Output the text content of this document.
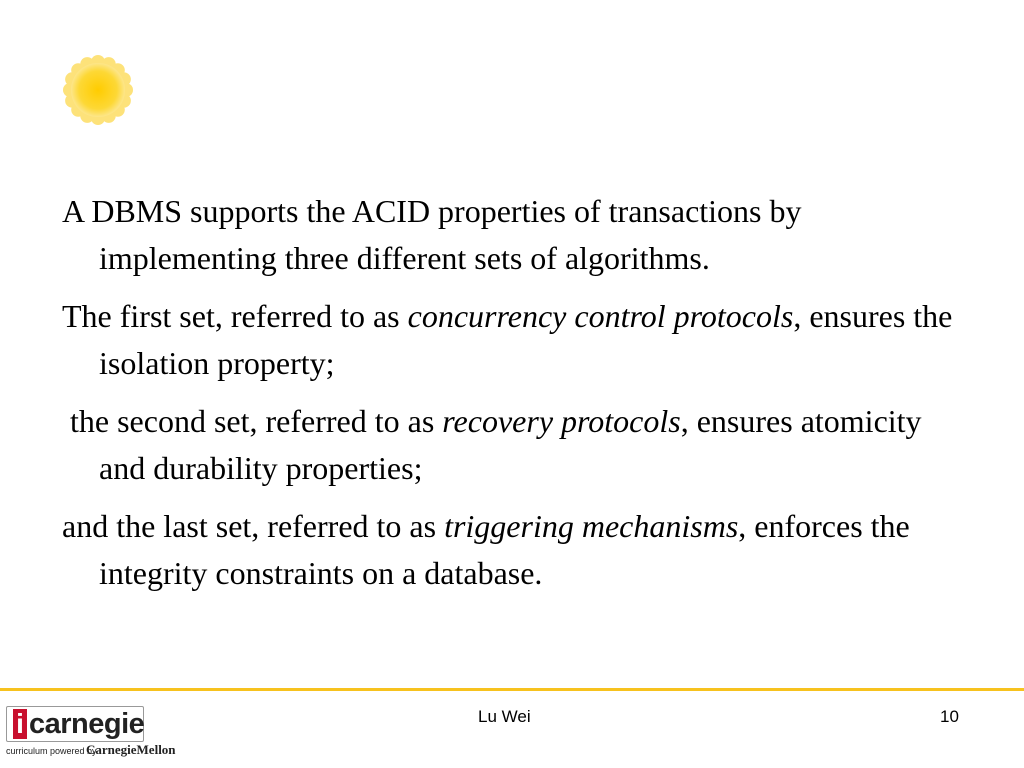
A DBMS supports the ACID properties of transactions by implementing three different sets of algorithms.

The first set, referred to as concurrency control protocols, ensures the isolation property;

the second set, referred to as recovery protocols, ensures atomicity and durability properties;

and the last set, referred to as triggering mechanisms, enforces the integrity constraints on a database.

i carnegie
curriculum powered by
CarnegieMellon
Lu Wei	10
